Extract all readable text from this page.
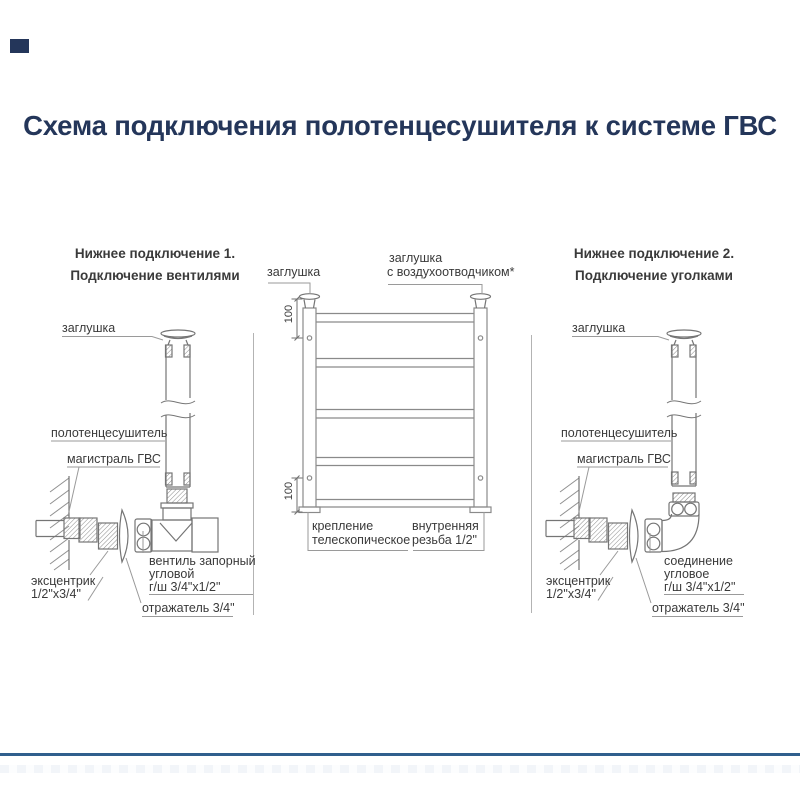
Схема подключения полотенцесушителя к системе ГВС
Нижнее подключение 1.
Подключение вентилями
Нижнее подключение 2.
Подключение уголками
заглушка
полотенцесушитель
магистраль ГВС
эксцентрик
1/2"x3/4"
вентиль запорный
угловой
г/ш 3/4"x1/2"
отражатель 3/4"
заглушка
заглушка
с воздухоотводчиком*
100
100
крепление
телескопическое
внутренняя
резьба 1/2"
заглушка
полотенцесушитель
магистраль ГВС
эксцентрик
1/2"x3/4"
соединение
угловое
г/ш 3/4"x1/2"
отражатель 3/4"
